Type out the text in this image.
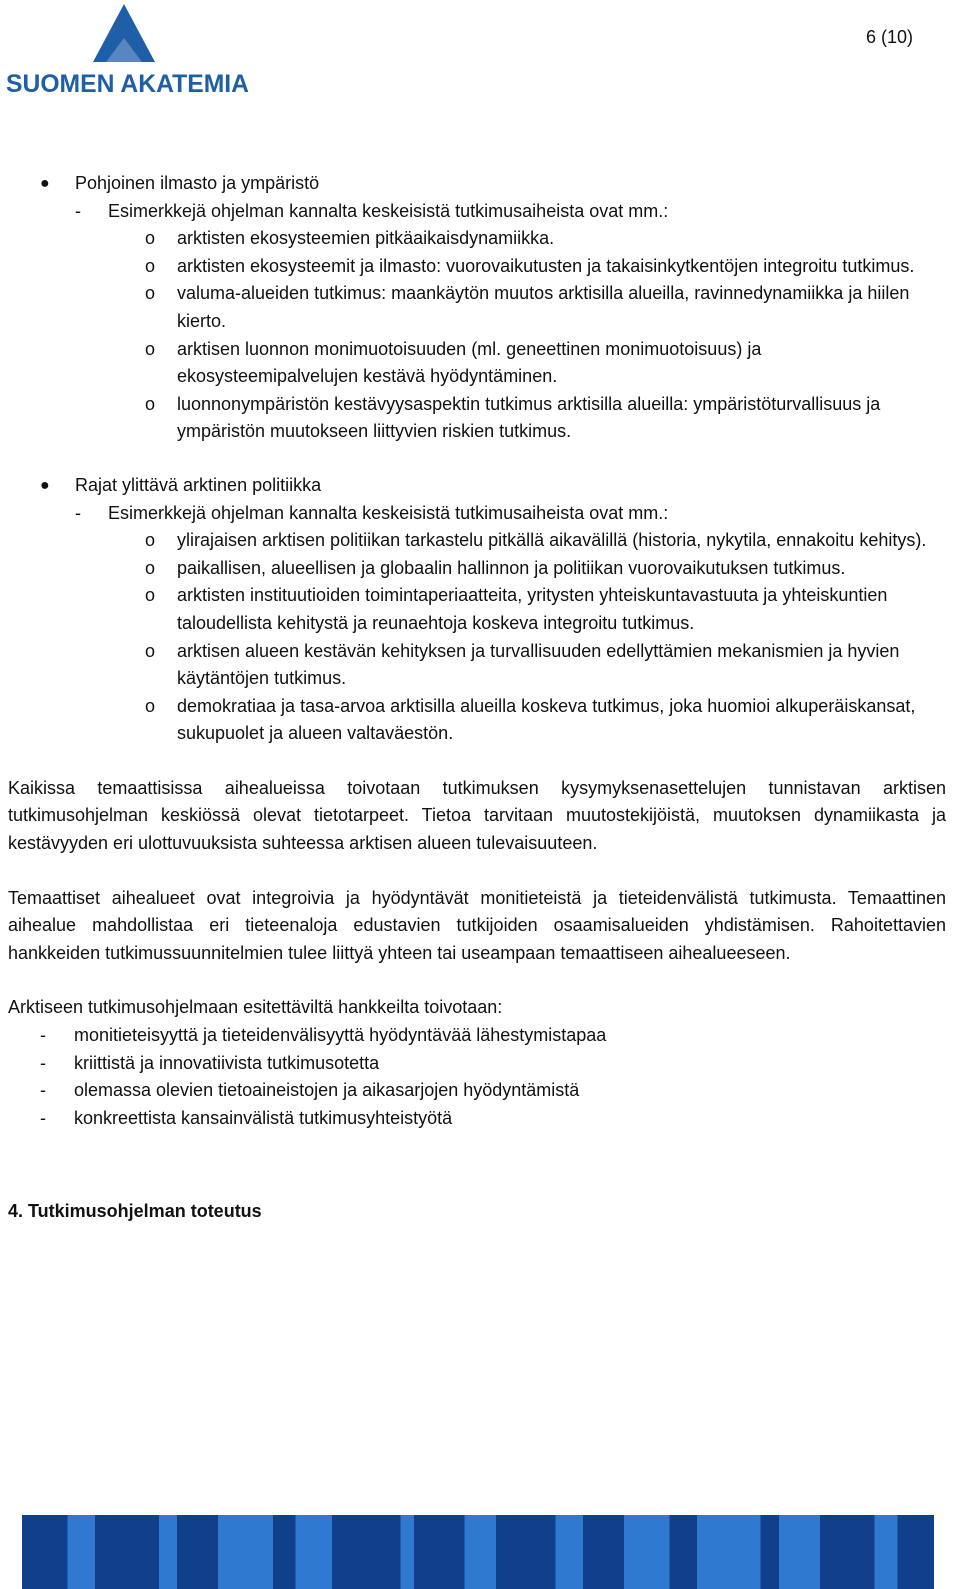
SUOMEN AKATEMIA
6 (10)
● Pohjoinen ilmasto ja ympäristö
- Esimerkkejä ohjelman kannalta keskeisistä tutkimusaiheista ovat mm.:
o arktisten ekosysteemien pitkäaikaisdynamiikka.
o arktisten ekosysteemit ja ilmasto: vuorovaikutusten ja takaisinkytkentöjen integroitu tutkimus.
o valuma-alueiden tutkimus: maankäytön muutos arktisilla alueilla, ravinnedynamiikka ja hiilen kierto.
o arktisen luonnon monimuotoisuuden (ml. geneettinen monimuotoisuus) ja ekosysteemipalvelujen kestävä hyödyntäminen.
o luonnonympäristön kestävyysaspektin tutkimus arktisilla alueilla: ympäristöturvallisuus ja ympäristön muutokseen liittyvien riskien tutkimus.
● Rajat ylittävä arktinen politiikka
- Esimerkkejä ohjelman kannalta keskeisistä tutkimusaiheista ovat mm.:
o ylirajaisen arktisen politiikan tarkastelu pitkällä aikavälillä (historia, nykytila, ennakoitu kehitys).
o paikallisen, alueellisen ja globaalin hallinnon ja politiikan vuorovaikutuksen tutkimus.
o arktisten instituutioiden toimintaperiaatteita, yritysten yhteiskuntavastuuta ja yhteiskuntien taloudellista kehitystä ja reunaehtoja koskeva integroitu tutkimus.
o arktisen alueen kestävän kehityksen ja turvallisuuden edellyttämien mekanismien ja hyvien käytäntöjen tutkimus.
o demokratiaa ja tasa-arvoa arktisilla alueilla koskeva tutkimus, joka huomioi alkuperäiskansat, sukupuolet ja alueen valtaväestön.

Kaikissa temaattisissa aihealueissa toivotaan tutkimuksen kysymyksenasettelujen tunnistavan arktisen tutkimusohjelman keskiössä olevat tietotarpeet. Tietoa tarvitaan muutostekijöistä, muutoksen dynamiikasta ja kestävyyden eri ulottuvuuksista suhteessa arktisen alueen tulevaisuuteen.

Temaattiset aihealueet ovat integroivia ja hyödyntävät monitieteistä ja tieteidenvälistä tutkimusta. Temaattinen aihealue mahdollistaa eri tieteenaloja edustavien tutkijoiden osaamisalueiden yhdistämisen. Rahoitettavien hankkeiden tutkimussuunnitelmien tulee liittyä yhteen tai useampaan temaattiseen aihealueeseen.

Arktiseen tutkimusohjelmaan esitettäviltä hankkeilta toivotaan:
- monitieteisyyttä ja tieteidenvälisyyttä hyödyntävää lähestymistapaa
- kriittistä ja innovatiivista tutkimusotetta
- olemassa olevien tietoaineistojen ja aikasarjojen hyödyntämistä
- konkreettista kansainvälistä tutkimusyhteistyötä
4. Tutkimusohjelman toteutus
